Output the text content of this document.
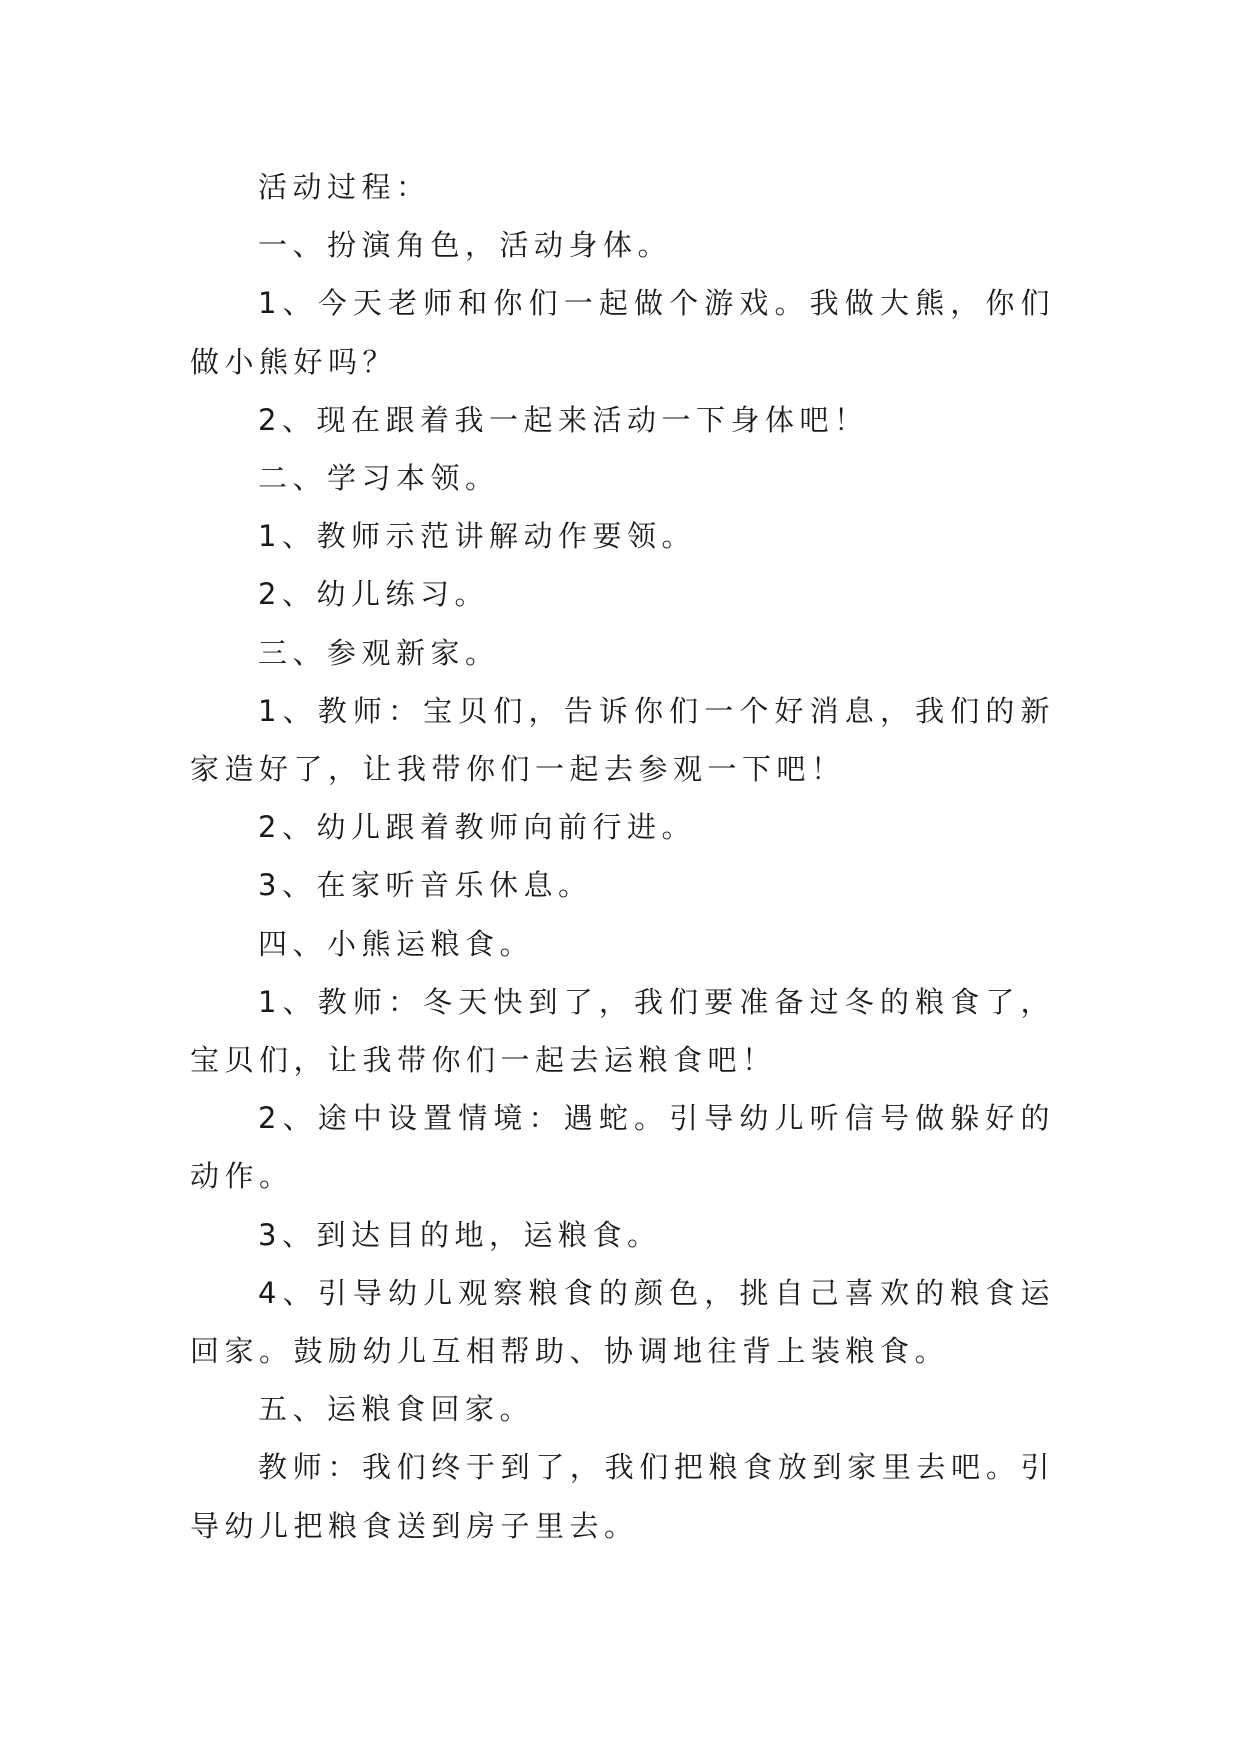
活动过程：

一、扮演角色，活动身体。

1、今天老师和你们一起做个游戏。我做大熊，你们做小熊好吗？

2、现在跟着我一起来活动一下身体吧！

二、学习本领。

1、教师示范讲解动作要领。

2、幼儿练习。

三、参观新家。

1、教师：宝贝们，告诉你们一个好消息，我们的新家造好了，让我带你们一起去参观一下吧！

2、幼儿跟着教师向前行进。

3、在家听音乐休息。

四、小熊运粮食。

1、教师：冬天快到了，我们要准备过冬的粮食了，宝贝们，让我带你们一起去运粮食吧！

2、途中设置情境：遇蛇。引导幼儿听信号做躲好的动作。

3、到达目的地，运粮食。

4、引导幼儿观察粮食的颜色，挑自己喜欢的粮食运回家。鼓励幼儿互相帮助、协调地往背上装粮食。

五、运粮食回家。

教师：我们终于到了，我们把粮食放到家里去吧。引导幼儿把粮食送到房子里去。
